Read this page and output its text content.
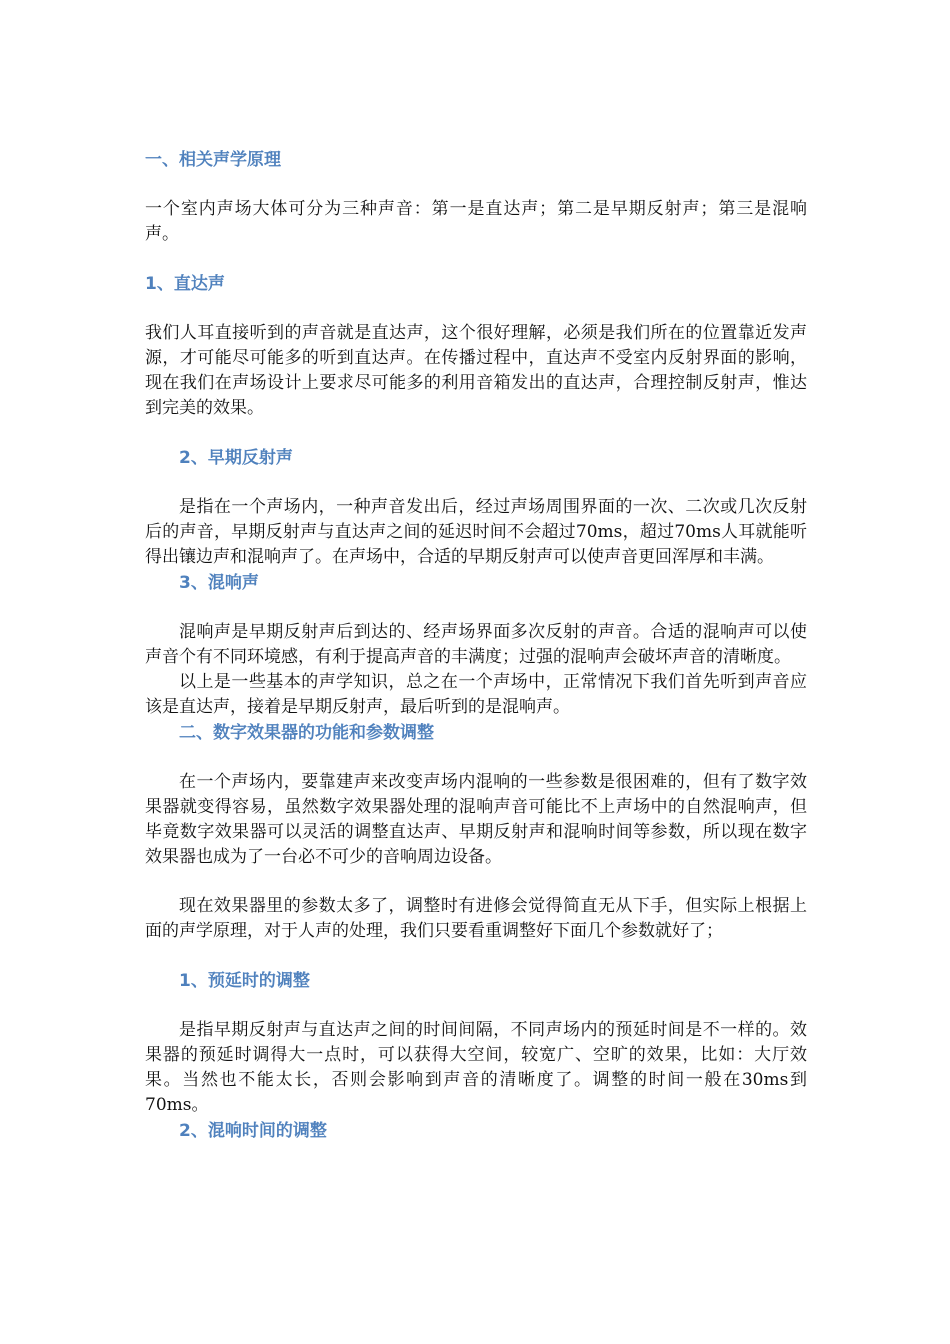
一、相关声学原理

一个室内声场大体可分为三种声音：第一是直达声；第二是早期反射声；第三是混响声。

1、直达声

我们人耳直接听到的声音就是直达声，这个很好理解，必须是我们所在的位置靠近发声源，才可能尽可能多的听到直达声。在传播过程中，直达声不受室内反射界面的影响，现在我们在声场设计上要求尽可能多的利用音箱发出的直达声，合理控制反射声，惟达到完美的效果。

2、早期反射声

是指在一个声场内，一种声音发出后，经过声场周围界面的一次、二次或几次反射后的声音，早期反射声与直达声之间的延迟时间不会超过70ms，超过70ms人耳就能听得出镶边声和混响声了。在声场中，合适的早期反射声可以使声音更回浑厚和丰满。

3、混响声

混响声是早期反射声后到达的、经声场界面多次反射的声音。合适的混响声可以使声音个有不同环境感，有利于提高声音的丰满度；过强的混响声会破坏声音的清晰度。

以上是一些基本的声学知识，总之在一个声场中，正常情况下我们首先听到声音应该是直达声，接着是早期反射声，最后听到的是混响声。

二、数字效果器的功能和参数调整

在一个声场内，要靠建声来改变声场内混响的一些参数是很困难的，但有了数字效果器就变得容易，虽然数字效果器处理的混响声音可能比不上声场中的自然混响声，但毕竟数字效果器可以灵活的调整直达声、早期反射声和混响时间等参数，所以现在数字效果器也成为了一台必不可少的音响周边设备。

现在效果器里的参数太多了，调整时有进修会觉得简直无从下手，但实际上根据上面的声学原理，对于人声的处理，我们只要看重调整好下面几个参数就好了；

1、预延时的调整

是指早期反射声与直达声之间的时间间隔，不同声场内的预延时间是不一样的。效果器的预延时调得大一点时，可以获得大空间，较宽广、空旷的效果，比如：大厅效果。当然也不能太长，否则会影响到声音的清晰度了。调整的时间一般在30ms到70ms。

2、混响时间的调整
